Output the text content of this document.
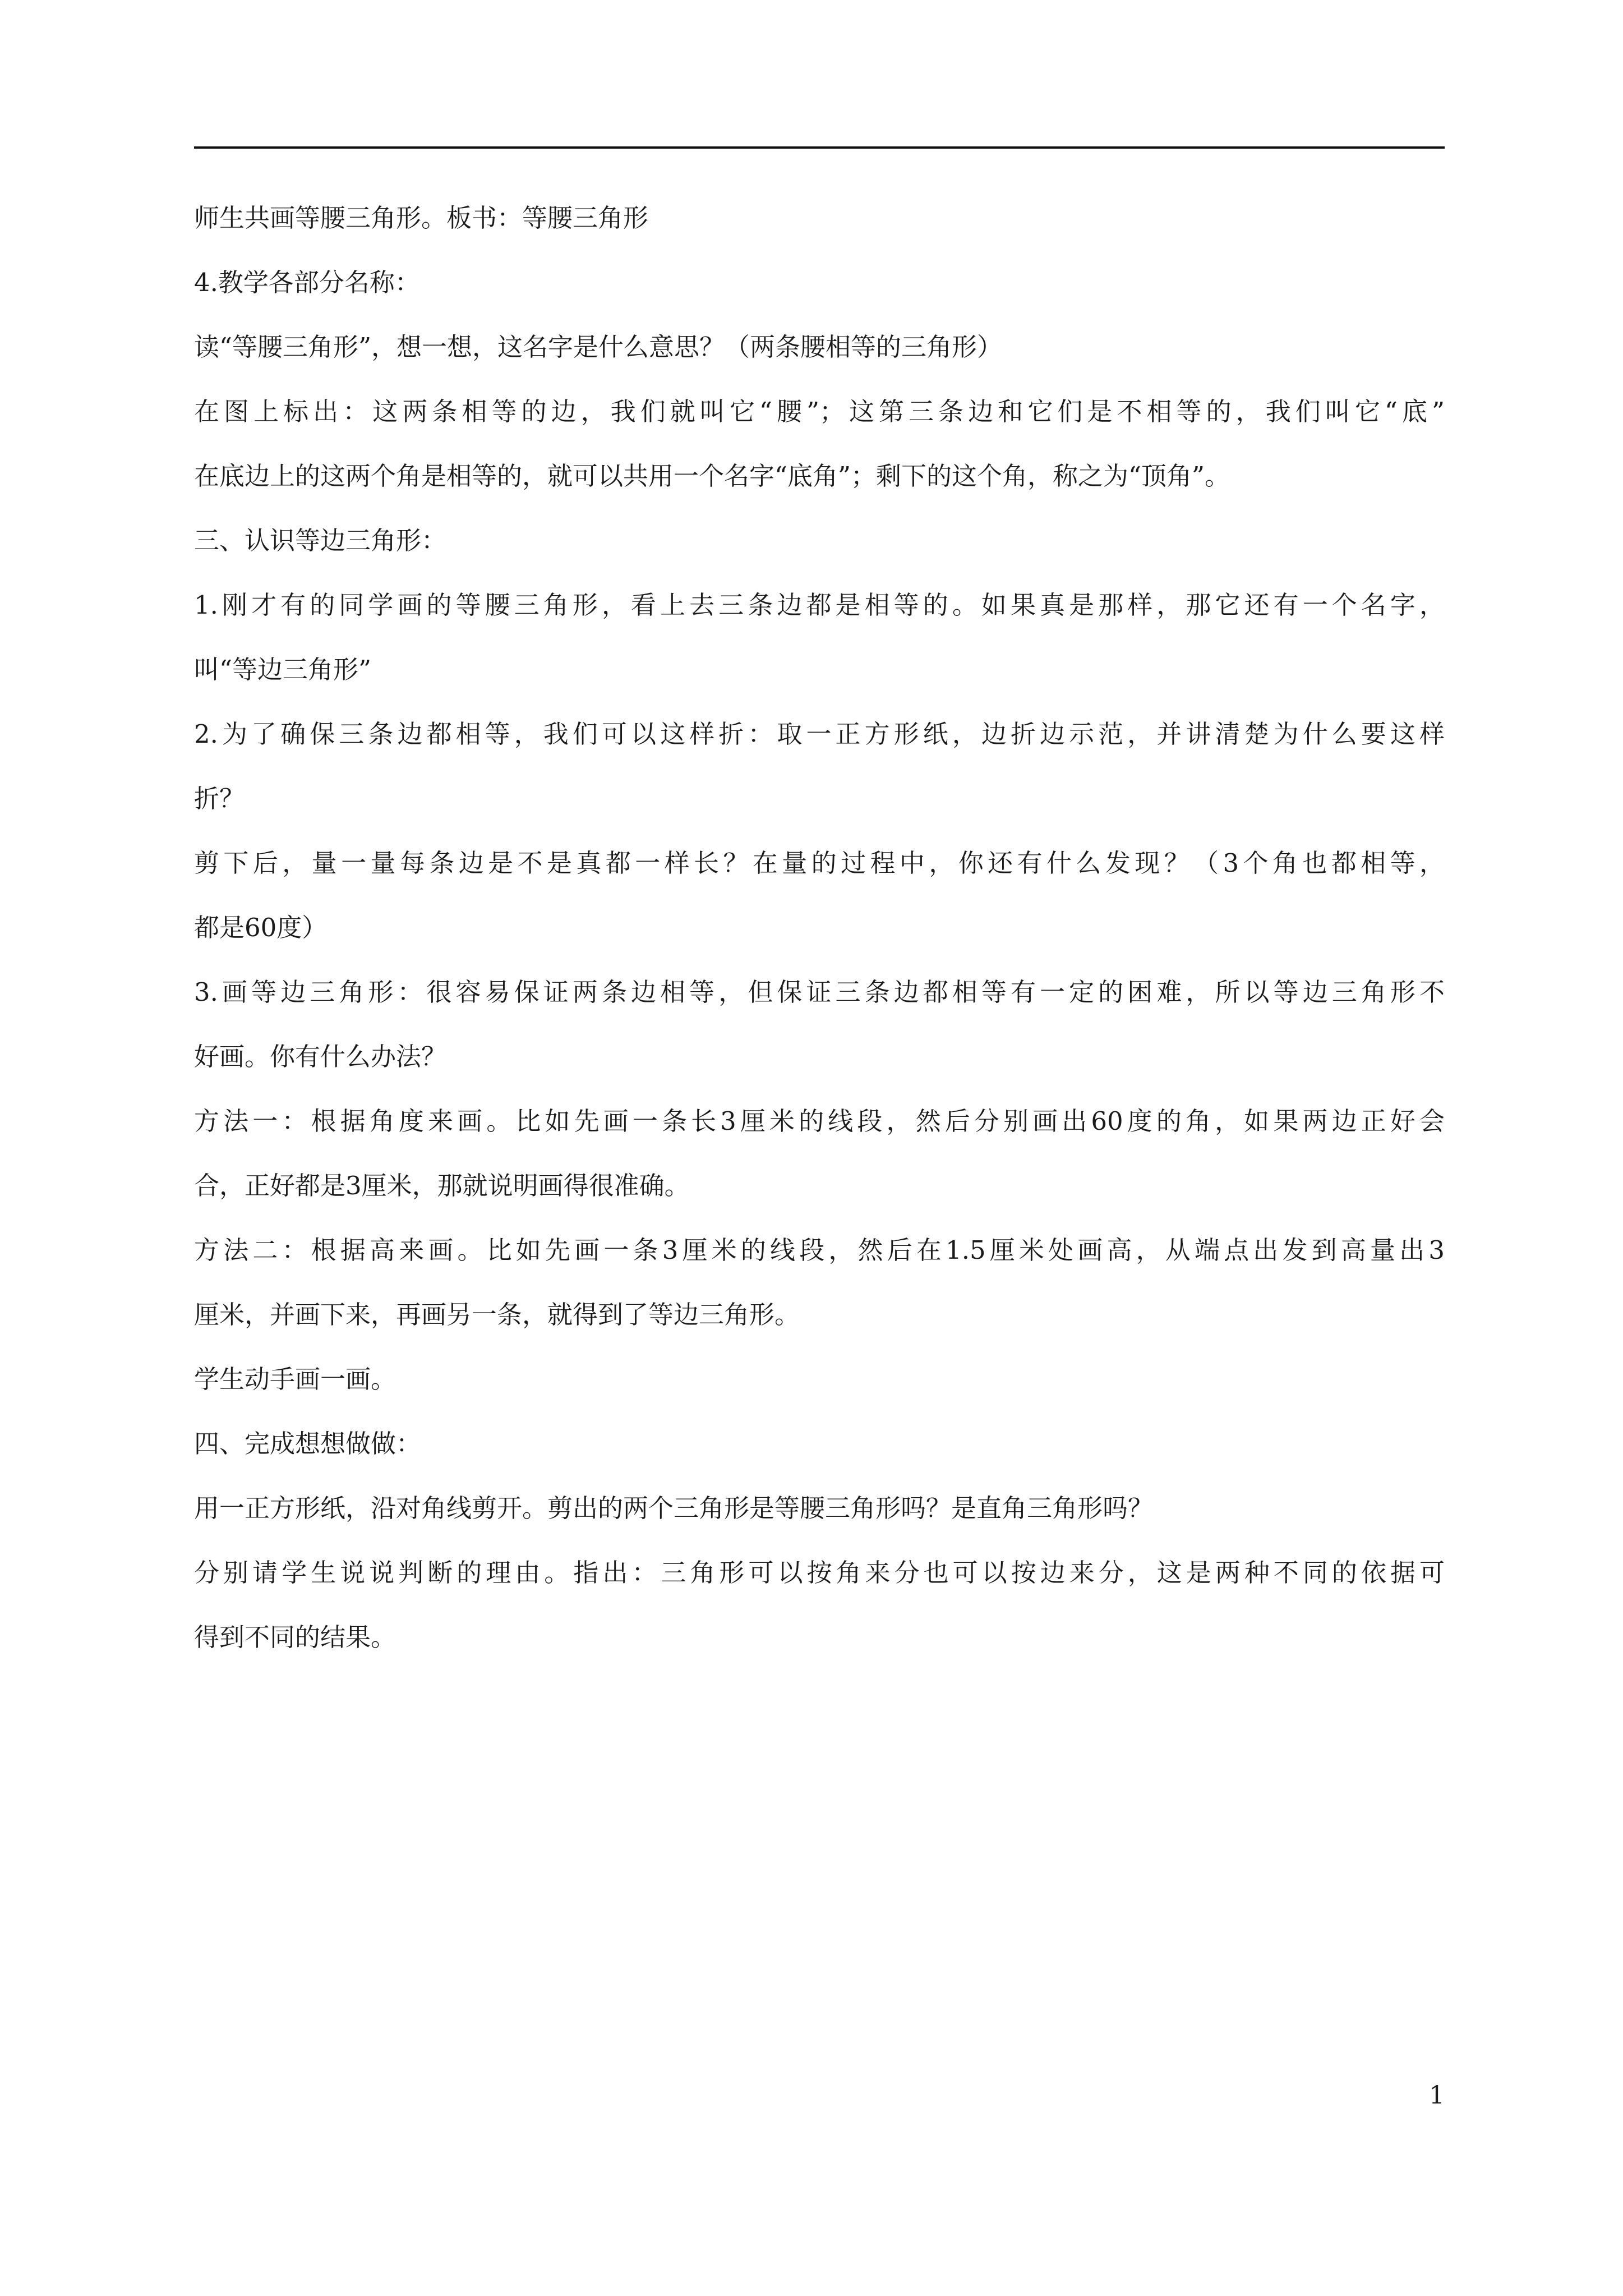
师生共画等腰三角形。板书：等腰三角形
4.教学各部分名称：
读“等腰三角形”，想一想，这名字是什么意思？（两条腰相等的三角形）
在图上标出：这两条相等的边，我们就叫它“腰”；这第三条边和它们是不相等的，我们叫它“底”
在底边上的这两个角是相等的，就可以共用一个名字“底角”；剩下的这个角，称之为“顶角”。
三、认识等边三角形：
1.刚才有的同学画的等腰三角形，看上去三条边都是相等的。如果真是那样，那它还有一个名字，
叫“等边三角形”
2.为了确保三条边都相等，我们可以这样折：取一正方形纸，边折边示范，并讲清楚为什么要这样
折？
剪下后，量一量每条边是不是真都一样长？在量的过程中，你还有什么发现？（3个角也都相等，
都是60度）
3.画等边三角形：很容易保证两条边相等，但保证三条边都相等有一定的困难，所以等边三角形不
好画。你有什么办法？
方法一：根据角度来画。比如先画一条长3厘米的线段，然后分别画出60度的角，如果两边正好会
合，正好都是3厘米，那就说明画得很准确。
方法二：根据高来画。比如先画一条3厘米的线段，然后在1.5厘米处画高，从端点出发到高量出3
厘米，并画下来，再画另一条，就得到了等边三角形。
学生动手画一画。
四、完成想想做做：
用一正方形纸，沿对角线剪开。剪出的两个三角形是等腰三角形吗？是直角三角形吗？
分别请学生说说判断的理由。指出：三角形可以按角来分也可以按边来分，这是两种不同的依据可
得到不同的结果。
1
